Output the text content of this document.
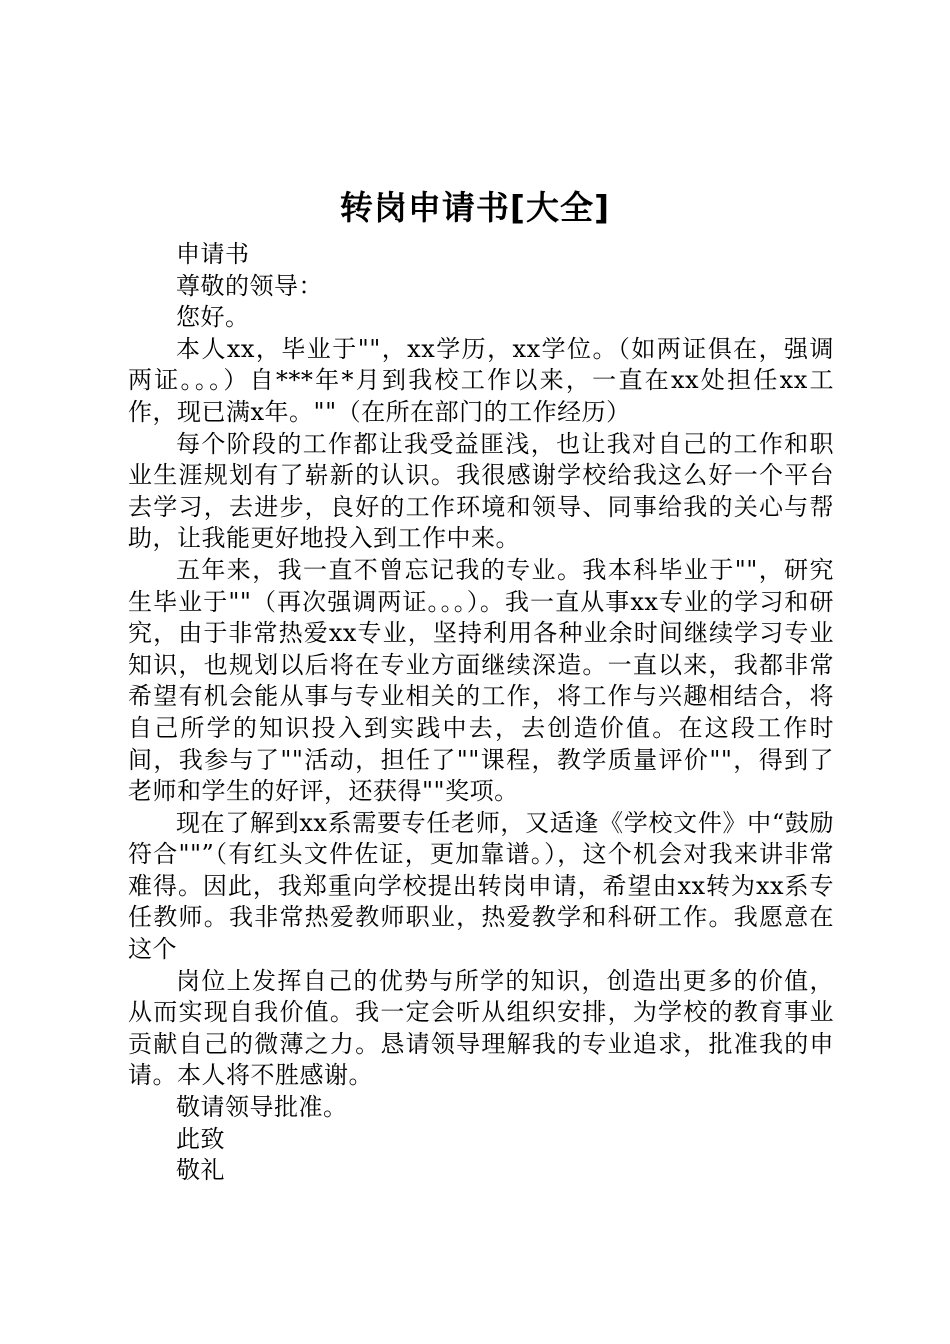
转岗申请书[大全]

申请书

尊敬的领导：

您好。

本人xx，毕业于""，xx学历，xx学位。（如两证俱在，强调两证。。。）自***年*月到我校工作以来，一直在xx处担任xx工作，现已满x年。""（在所在部门的工作经历）

每个阶段的工作都让我受益匪浅，也让我对自己的工作和职业生涯规划有了崭新的认识。我很感谢学校给我这么好一个平台去学习，去进步，良好的工作环境和领导、同事给我的关心与帮助，让我能更好地投入到工作中来。

五年来，我一直不曾忘记我的专业。我本科毕业于""，研究生毕业于""（再次强调两证。。。）。我一直从事xx专业的学习和研究，由于非常热爱xx专业，坚持利用各种业余时间继续学习专业知识，也规划以后将在专业方面继续深造。一直以来，我都非常希望有机会能从事与专业相关的工作，将工作与兴趣相结合，将自己所学的知识投入到实践中去，去创造价值。在这段工作时间，我参与了""活动，担任了""课程，教学质量评价""，得到了老师和学生的好评，还获得""奖项。

现在了解到xx系需要专任老师，又适逢《学校文件》中“鼓励符合""”（有红头文件佐证，更加靠谱。），这个机会对我来讲非常难得。因此，我郑重向学校提出转岗申请，希望由xx转为xx系专任教师。我非常热爱教师职业，热爱教学和科研工作。我愿意在这个

岗位上发挥自己的优势与所学的知识，创造出更多的价值，从而实现自我价值。我一定会听从组织安排，为学校的教育事业贡献自己的微薄之力。恳请领导理解我的专业追求，批准我的申请。本人将不胜感谢。

敬请领导批准。

此致

敬礼
